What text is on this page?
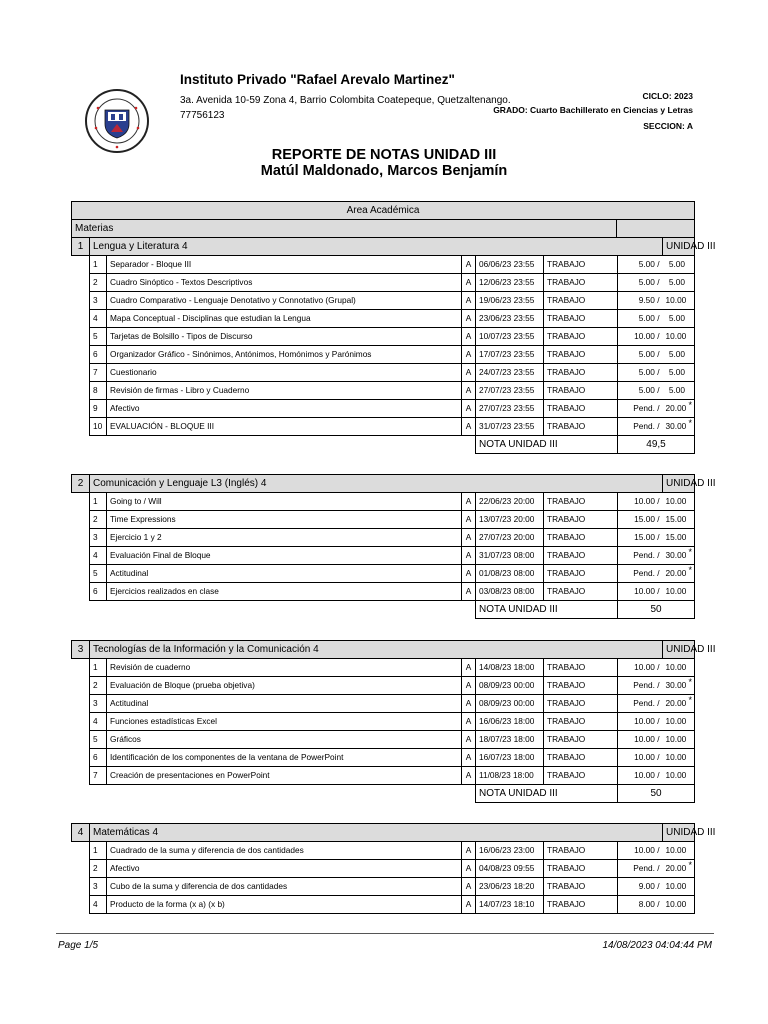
Instituto Privado "Rafael Arevalo Martinez"
3a. Avenida 10-59 Zona 4, Barrio Colombita Coatepeque, Quetzaltenango.
77756123
CICLO: 2023
GRADO: Cuarto Bachillerato en Ciencias y Letras
SECCION: A
REPORTE DE NOTAS UNIDAD III
Matúl Maldonado, Marcos Benjamín
Area Académica
Materias	
1	Lengua y Literatura 4					UNIDAD III
	1 Separador - Bloque III	A	06/06/23 23:55	TRABAJO	5.00 /	5.00

	2 Cuadro Sinóptico - Textos Descriptivos	A	12/06/23 23:55	TRABAJO	5.00 /	5.00

	3 Cuadro Comparativo - Lenguaje Denotativo y Connotativo (Grupal)	A	19/06/23 23:55	TRABAJO	9.50 /	10.00

	4 Mapa Conceptual - Disciplinas que estudian la Lengua	A	23/06/23 23:55	TRABAJO	5.00 /	5.00

	5 Tarjetas de Bolsillo - Tipos de Discurso	A	10/07/23 23:55	TRABAJO	10.00 /	10.00

	6 Organizador Gráfico - Sinónimos, Antónimos, Homónimos y Parónimos	A	17/07/23 23:55	TRABAJO	5.00 /	5.00

	7 Cuestionario	A	24/07/23 23:55	TRABAJO	5.00 /	5.00

	8 Revisión de firmas - Libro y Cuaderno	A	27/07/23 23:55	TRABAJO	5.00 /	5.00

	9 Afectivo	A	27/07/23 23:55	TRABAJO	Pend. /	20.00 *

	10 EVALUACIÓN - BLOQUE III	A	31/07/23 23:55	TRABAJO	Pend. /	30.00 *

			NOTA UNIDAD III		49,5	
2	Comunicación y Lenguaje L3 (Inglés) 4					UNIDAD III
	1 Going to / Will	A	22/06/23 20:00	TRABAJO	10.00 /	10.00

	2 Time Expressions	A	13/07/23 20:00	TRABAJO	15.00 /	15.00

	3 Ejercicio 1 y 2	A	27/07/23 20:00	TRABAJO	15.00 /	15.00

	4 Evaluación Final de Bloque	A	31/07/23 08:00	TRABAJO	Pend. /	30.00 *

	5 Actitudinal	A	01/08/23 08:00	TRABAJO	Pend. /	20.00 *

	6 Ejercicios realizados en clase	A	03/08/23 08:00	TRABAJO	10.00 /	10.00

			NOTA UNIDAD III		50	
3	Tecnologías de la Información y la Comunicación 4					UNIDAD III
	1 Revisión de cuaderno	A	14/08/23 18:00	TRABAJO	10.00 /	10.00

	2 Evaluación de Bloque (prueba objetiva)	A	08/09/23 00:00	TRABAJO	Pend. /	30.00 *

	3 Actitudinal	A	08/09/23 00:00	TRABAJO	Pend. /	20.00 *

	4 Funciones estadísticas Excel	A	16/06/23 18:00	TRABAJO	10.00 /	10.00

	5 Gráficos	A	18/07/23 18:00	TRABAJO	10.00 /	10.00

	6 Identificación de los componentes de la ventana de PowerPoint	A	16/07/23 18:00	TRABAJO	10.00 /	10.00

	7 Creación de presentaciones en PowerPoint	A	11/08/23 18:00	TRABAJO	10.00 /	10.00

			NOTA UNIDAD III		50	
4	Matemáticas 4					UNIDAD III
	1 Cuadrado de la suma y diferencia de dos cantidades	A	16/06/23 23:00	TRABAJO	10.00 /	10.00

	2 Afectivo	A	04/08/23 09:55	TRABAJO	Pend. /	20.00 *

	3 Cubo de la suma y diferencia de dos cantidades	A	23/06/23 18:20	TRABAJO	9.00 /	10.00

	4 Producto de la forma (x a) (x b)	A	14/07/23 18:10	TRABAJO	8.00 /	10.00
Page 1/5	14/08/2023 04:04:44 PM
